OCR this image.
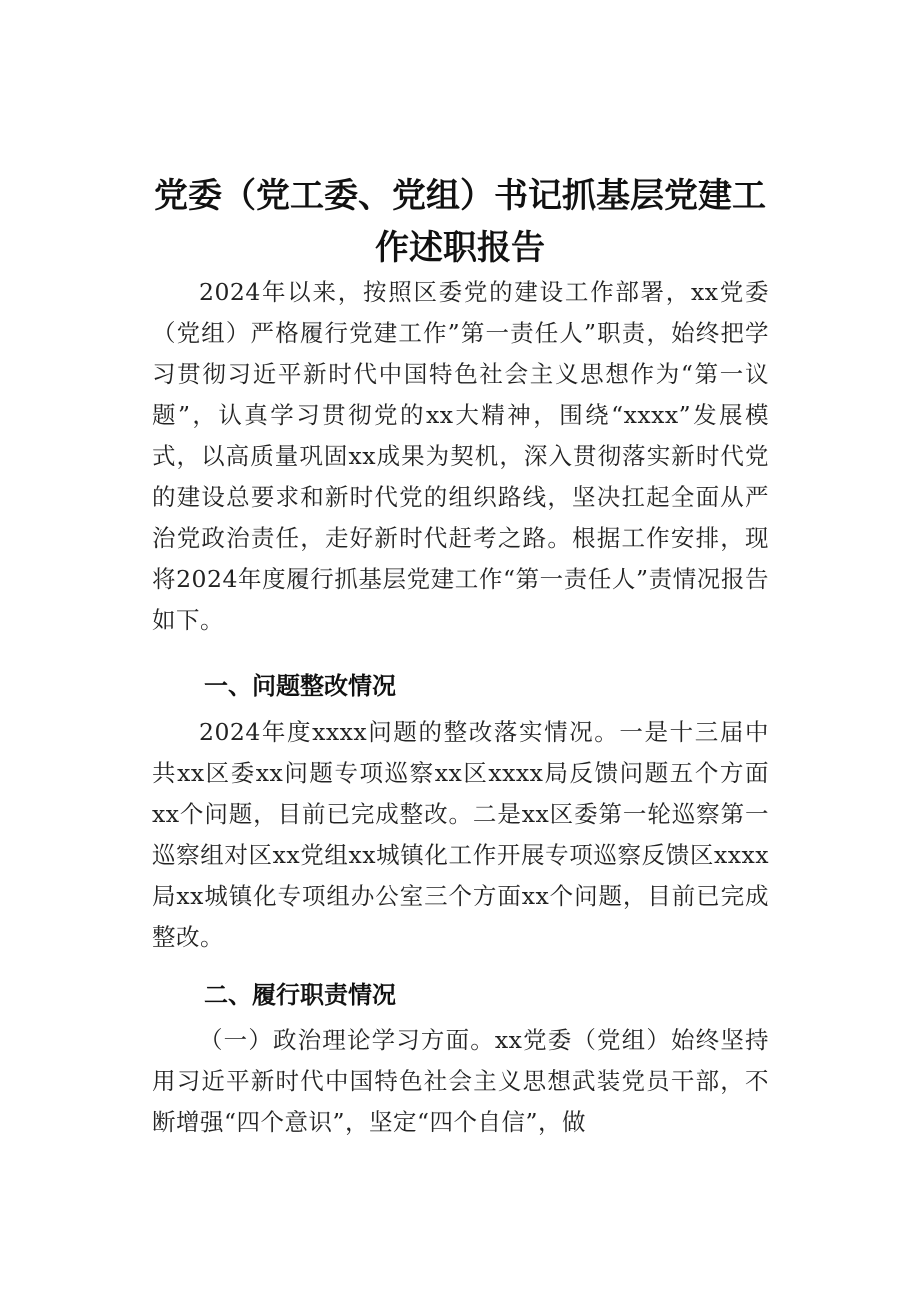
党委（党工委、党组）书记抓基层党建工作述职报告

2024年以来，按照区委党的建设工作部署，xx党委（党组）严格履行党建工作”第一责任人”职责，始终把学习贯彻习近平新时代中国特色社会主义思想作为“第一议题”，认真学习贯彻党的xx大精神，围绕“xxxx”发展模式，以高质量巩固xx成果为契机，深入贯彻落实新时代党的建设总要求和新时代党的组织路线，坚决扛起全面从严治党政治责任，走好新时代赶考之路。根据工作安排，现将2024年度履行抓基层党建工作“第一责任人”责情况报告如下。

一、问题整改情况

2024年度xxxx问题的整改落实情况。一是十三届中共xx区委xx问题专项巡察xx区xxxx局反馈问题五个方面xx个问题，目前已完成整改。二是xx区委第一轮巡察第一巡察组对区xx党组xx城镇化工作开展专项巡察反馈区xxxx局xx城镇化专项组办公室三个方面xx个问题，目前已完成整改。

二、履行职责情况

（一）政治理论学习方面。xx党委（党组）始终坚持用习近平新时代中国特色社会主义思想武装党员干部，不断增强“四个意识”，坚定“四个自信”，做
